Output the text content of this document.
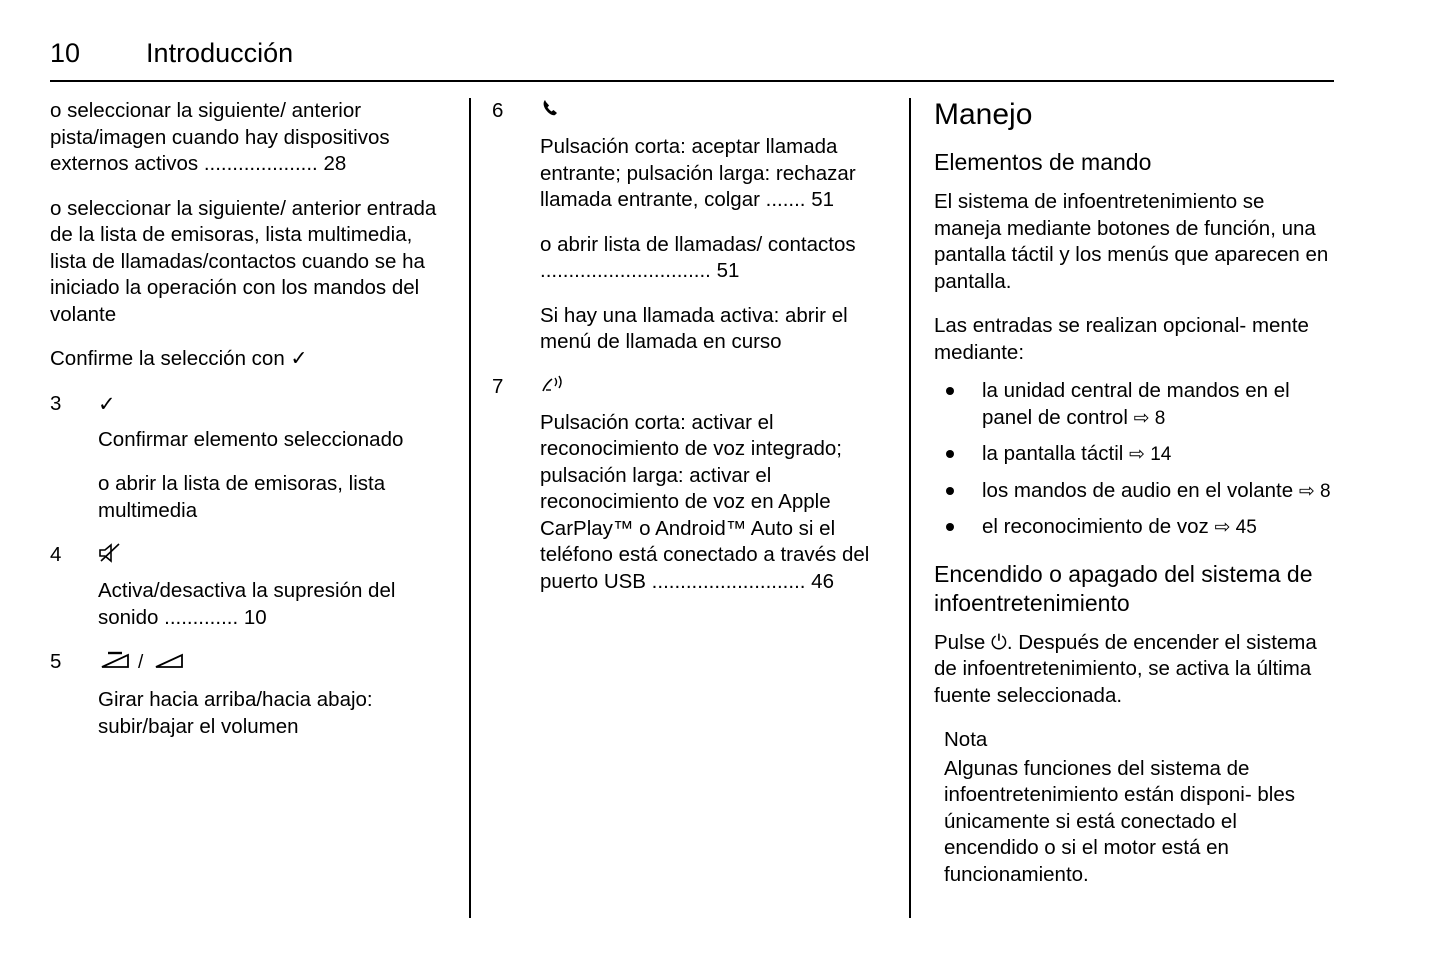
10 Introducción

o seleccionar la siguiente/ anterior pista/imagen cuando hay dispositivos externos activos .................... 28

o seleccionar la siguiente/ anterior entrada de la lista de emisoras, lista multimedia, lista de llamadas/contactos cuando se ha iniciado la operación con los mandos del volante

Confirme la selección con ✓

3	✓

Confirmar elemento seleccionado

o abrir la lista de emisoras, lista multimedia

4

Activa/desactiva la supresión del sonido ............. 10

5	/

Girar hacia arriba/hacia abajo: subir/bajar el volumen

6

Pulsación corta: aceptar llamada entrante; pulsación larga: rechazar llamada entrante, colgar ....... 51

o abrir lista de llamadas/ contactos .............................. 51

Si hay una llamada activa: abrir el menú de llamada en curso

7

Pulsación corta: activar el reconocimiento de voz integrado; pulsación larga: activar el reconocimiento de voz en Apple CarPlay™ o Android™ Auto si el teléfono está conectado a través del puerto USB ........................... 46

Manejo
Elementos de mando

El sistema de infoentretenimiento se maneja mediante botones de función, una pantalla táctil y los menús que aparecen en pantalla.

Las entradas se realizan opcional- mente mediante:

la unidad central de mandos en el panel de control ⇨ 8
la pantalla táctil ⇨ 14
los mandos de audio en el volante ⇨ 8
el reconocimiento de voz ⇨ 45
Encendido o apagado del sistema de infoentretenimiento

Pulse ⏻. Después de encender el sistema de infoentretenimiento, se activa la última fuente seleccionada.

Nota

Algunas funciones del sistema de infoentretenimiento están disponi- bles únicamente si está conectado el encendido o si el motor está en funcionamiento.
